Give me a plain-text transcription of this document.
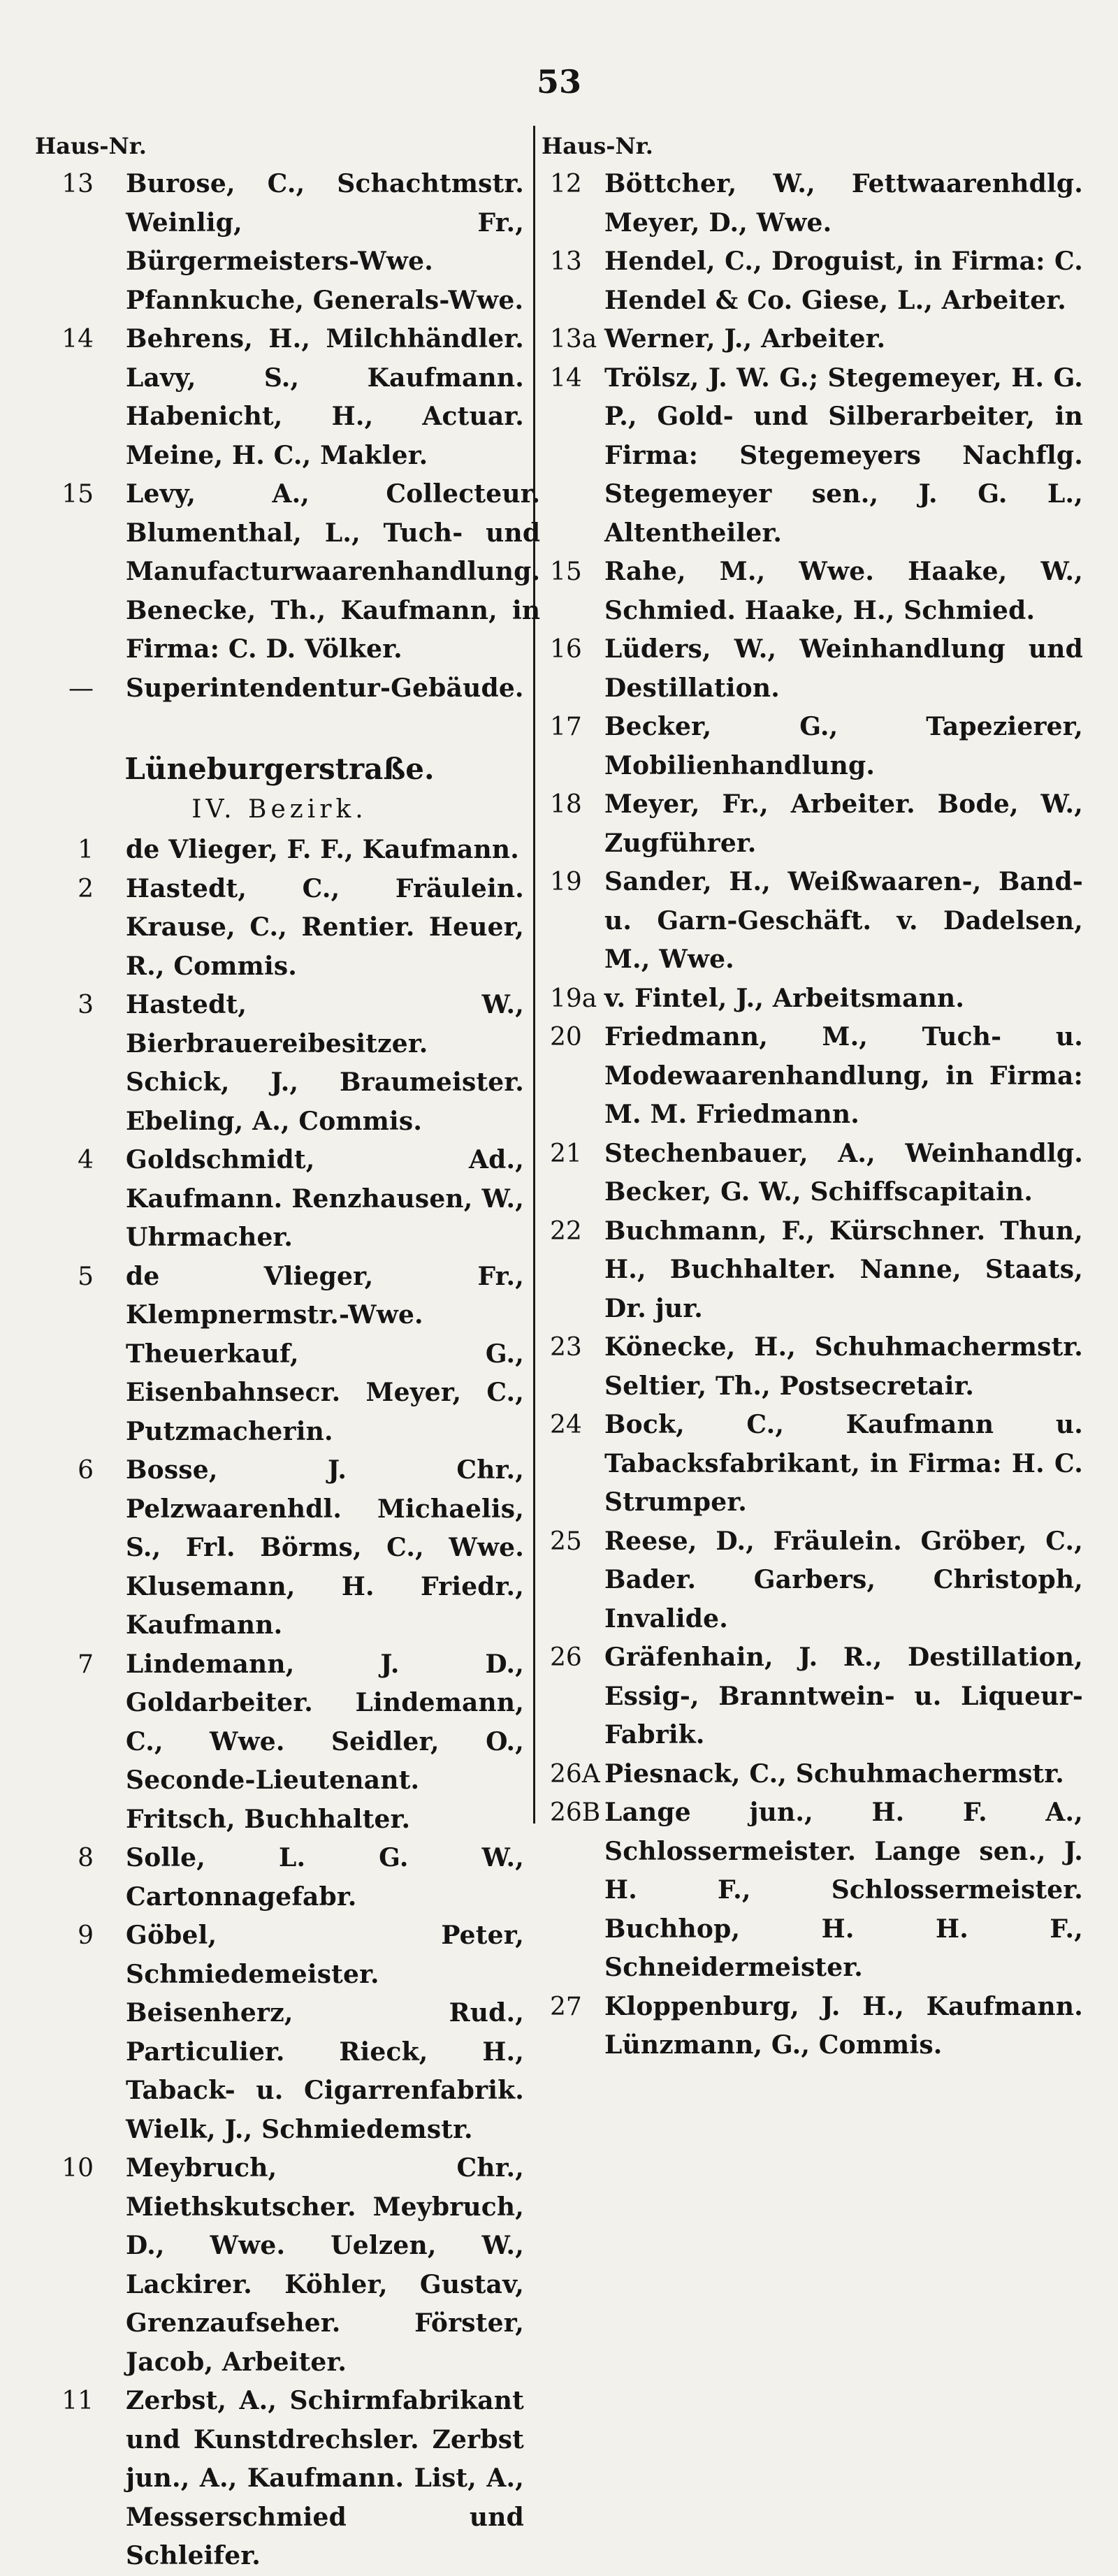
53
Haus-Nr.
13	Burose, C., Schachtmstr. Weinlig, Fr., Bürgermeisters-Wwe. Pfannkuche, Generals-Wwe.
14	Behrens, H., Milchhändler. Lavy, S., Kaufmann. Habenicht, H., Actuar. Meine, H. C., Makler.
15	Levy, A., Collecteur. Blumenthal, L., Tuch- und Manufacturwaarenhandlung. Benecke, Th., Kaufmann, in Firma: C. D. Völker.
—	Superintendentur-Gebäude.
Lüneburgerstraße.
IV. Bezirk.
1	de Vlieger, F. F., Kaufmann.
2	Hastedt, C., Fräulein. Krause, C., Rentier. Heuer, R., Commis.
3	Hastedt, W., Bierbrauereibesitzer. Schick, J., Braumeister. Ebeling, A., Commis.
4	Goldschmidt, Ad., Kaufmann. Renzhausen, W., Uhrmacher.
5	de Vlieger, Fr., Klempnermstr.-Wwe. Theuerkauf, G., Eisenbahnsecr. Meyer, C., Putzmacherin.
6	Bosse, J. Chr., Pelzwaarenhdl. Michaelis, S., Frl. Börms, C., Wwe. Klusemann, H. Friedr., Kaufmann.
7	Lindemann, J. D., Goldarbeiter. Lindemann, C., Wwe. Seidler, O., Seconde-Lieutenant. Fritsch, Buchhalter.
8	Solle, L. G. W., Cartonnagefabr.
9	Göbel, Peter, Schmiedemeister. Beisenherz, Rud., Particulier. Rieck, H., Taback- u. Cigarrenfabrik. Wielk, J., Schmiedemstr.
10	Meybruch, Chr., Miethskutscher. Meybruch, D., Wwe. Uelzen, W., Lackirer. Köhler, Gustav, Grenzaufseher. Förster, Jacob, Arbeiter.
11	Zerbst, A., Schirmfabrikant und Kunstdrechsler. Zerbst jun., A., Kaufmann. List, A., Messerschmied und Schleifer.
Haus-Nr.
12 Böttcher, W., Fettwaarenhdlg. Meyer, D., Wwe.
13 Hendel, C., Droguist, in Firma: C. Hendel & Co. Giese, L., Arbeiter.
13a Werner, J., Arbeiter.
14 Trölsz, J. W. G.; Stegemeyer, H. G. P., Gold- und Silberarbeiter, in Firma: Stegemeyers Nachflg. Stegemeyer sen., J. G. L., Altentheiler.
15 Rahe, M., Wwe. Haake, W., Schmied. Haake, H., Schmied.
16 Lüders, W., Weinhandlung und Destillation.
17 Becker, G., Tapezierer, Mobilienhandlung.
18 Meyer, Fr., Arbeiter. Bode, W., Zugführer.
19 Sander, H., Weißwaaren-, Band- u. Garn-Geschäft. v. Dadelsen, M., Wwe.
19a v. Fintel, J., Arbeitsmann.
20 Friedmann, M., Tuch- u. Modewaarenhandlung, in Firma: M. M. Friedmann.
21 Stechenbauer, A., Weinhandlg. Becker, G. W., Schiffscapitain.
22 Buchmann, F., Kürschner. Thun, H., Buchhalter. Nanne, Staats, Dr. jur.
23 Könecke, H., Schuhmachermstr. Seltier, Th., Postsecretair.
24 Bock, C., Kaufmann u. Tabacksfabrikant, in Firma: H. C. Strumper.
25 Reese, D., Fräulein. Gröber, C., Bader. Garbers, Christoph, Invalide.
26 Gräfenhain, J. R., Destillation, Essig-, Branntwein- u. Liqueur-Fabrik.
26A Piesnack, C., Schuhmachermstr.
26B Lange jun., H. F. A., Schlossermeister. Lange sen., J. H. F., Schlossermeister. Buchhop, H. H. F., Schneidermeister.
27 Kloppenburg, J. H., Kaufmann. Lünzmann, G., Commis.
